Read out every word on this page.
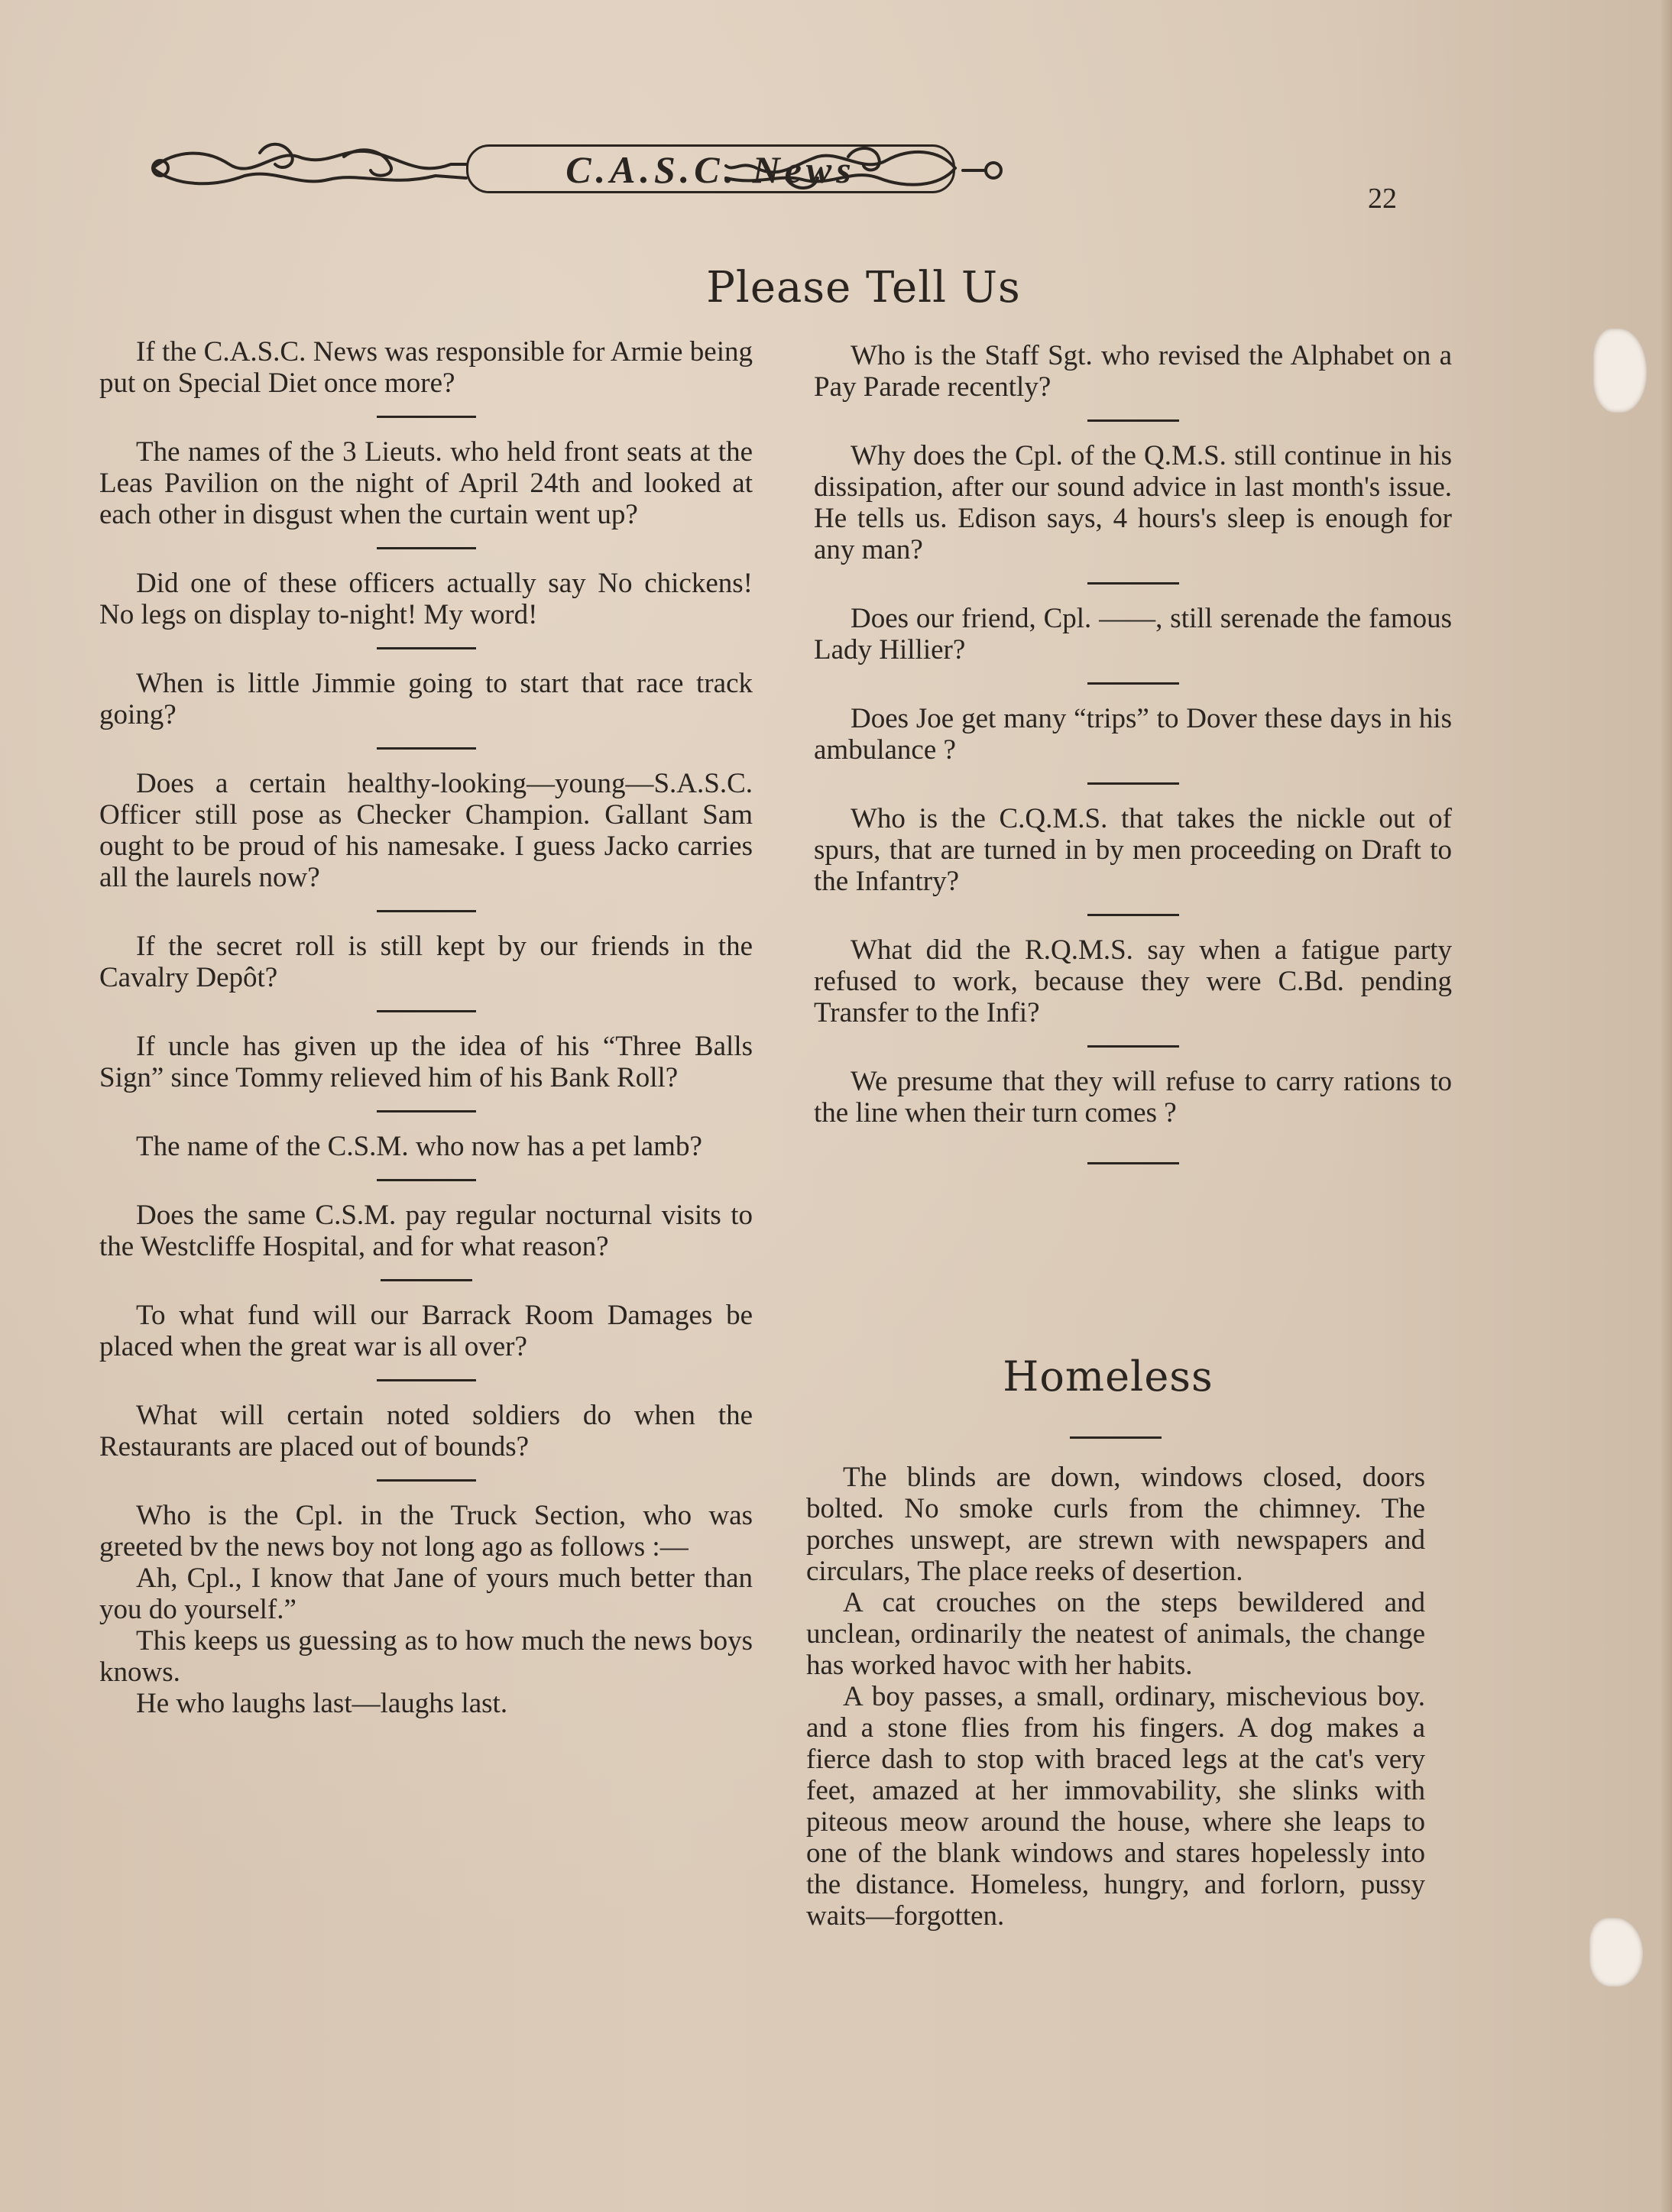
C.A.S.C. News
22
Please Tell Us

If the C.A.S.C. News was responsible for Armie being put on Special Diet once more?

The names of the 3 Lieuts. who held front seats at the Leas Pavilion on the night of April 24th and looked at each other in disgust when the curtain went up?

Did one of these officers actually say No chickens! No legs on display to-night! My word!

When is little Jimmie going to start that race track going?

Does a certain healthy-looking—young—S.A.S.C. Officer still pose as Checker Champion. Gallant Sam ought to be proud of his namesake. I guess Jacko carries all the laurels now?

If the secret roll is still kept by our friends in the Cavalry Depôt?

If uncle has given up the idea of his “Three Balls Sign” since Tommy relieved him of his Bank Roll?

The name of the C.S.M. who now has a pet lamb?

Does the same C.S.M. pay regular nocturnal visits to the Westcliffe Hospital, and for what reason?

To what fund will our Barrack Room Damages be placed when the great war is all over?

What will certain noted soldiers do when the Restaurants are placed out of bounds?

Who is the Cpl. in the Truck Section, who was greeted bv the news boy not long ago as follows :—

Ah, Cpl., I know that Jane of yours much better than you do yourself.”

This keeps us guessing as to how much the news boys knows.

He who laughs last—laughs last.

Who is the Staff Sgt. who revised the Alphabet on a Pay Parade recently?

Why does the Cpl. of the Q.M.S. still continue in his dissipation, after our sound advice in last month's issue. He tells us. Edison says, 4 hours's sleep is enough for any man?

Does our friend, Cpl. ——, still serenade the famous Lady Hillier?

Does Joe get many “trips” to Dover these days in his ambulance ?

Who is the C.Q.M.S. that takes the nickle out of spurs, that are turned in by men proceeding on Draft to the Infantry?

What did the R.Q.M.S. say when a fatigue party refused to work, because they were C.Bd. pending Transfer to the Infi?

We presume that they will refuse to carry rations to the line when their turn comes ?

Homeless

The blinds are down, windows closed, doors bolted. No smoke curls from the chimney. The porches unswept, are strewn with newspapers and circulars, The place reeks of desertion.

A cat crouches on the steps bewildered and unclean, ordinarily the neatest of animals, the change has worked havoc with her habits.

A boy passes, a small, ordinary, mischevious boy. and a stone flies from his fingers. A dog makes a fierce dash to stop with braced legs at the cat's very feet, amazed at her immovability, she slinks with piteous meow around the house, where she leaps to one of the blank windows and stares hopelessly into the distance. Homeless, hungry, and forlorn, pussy waits—forgotten.
